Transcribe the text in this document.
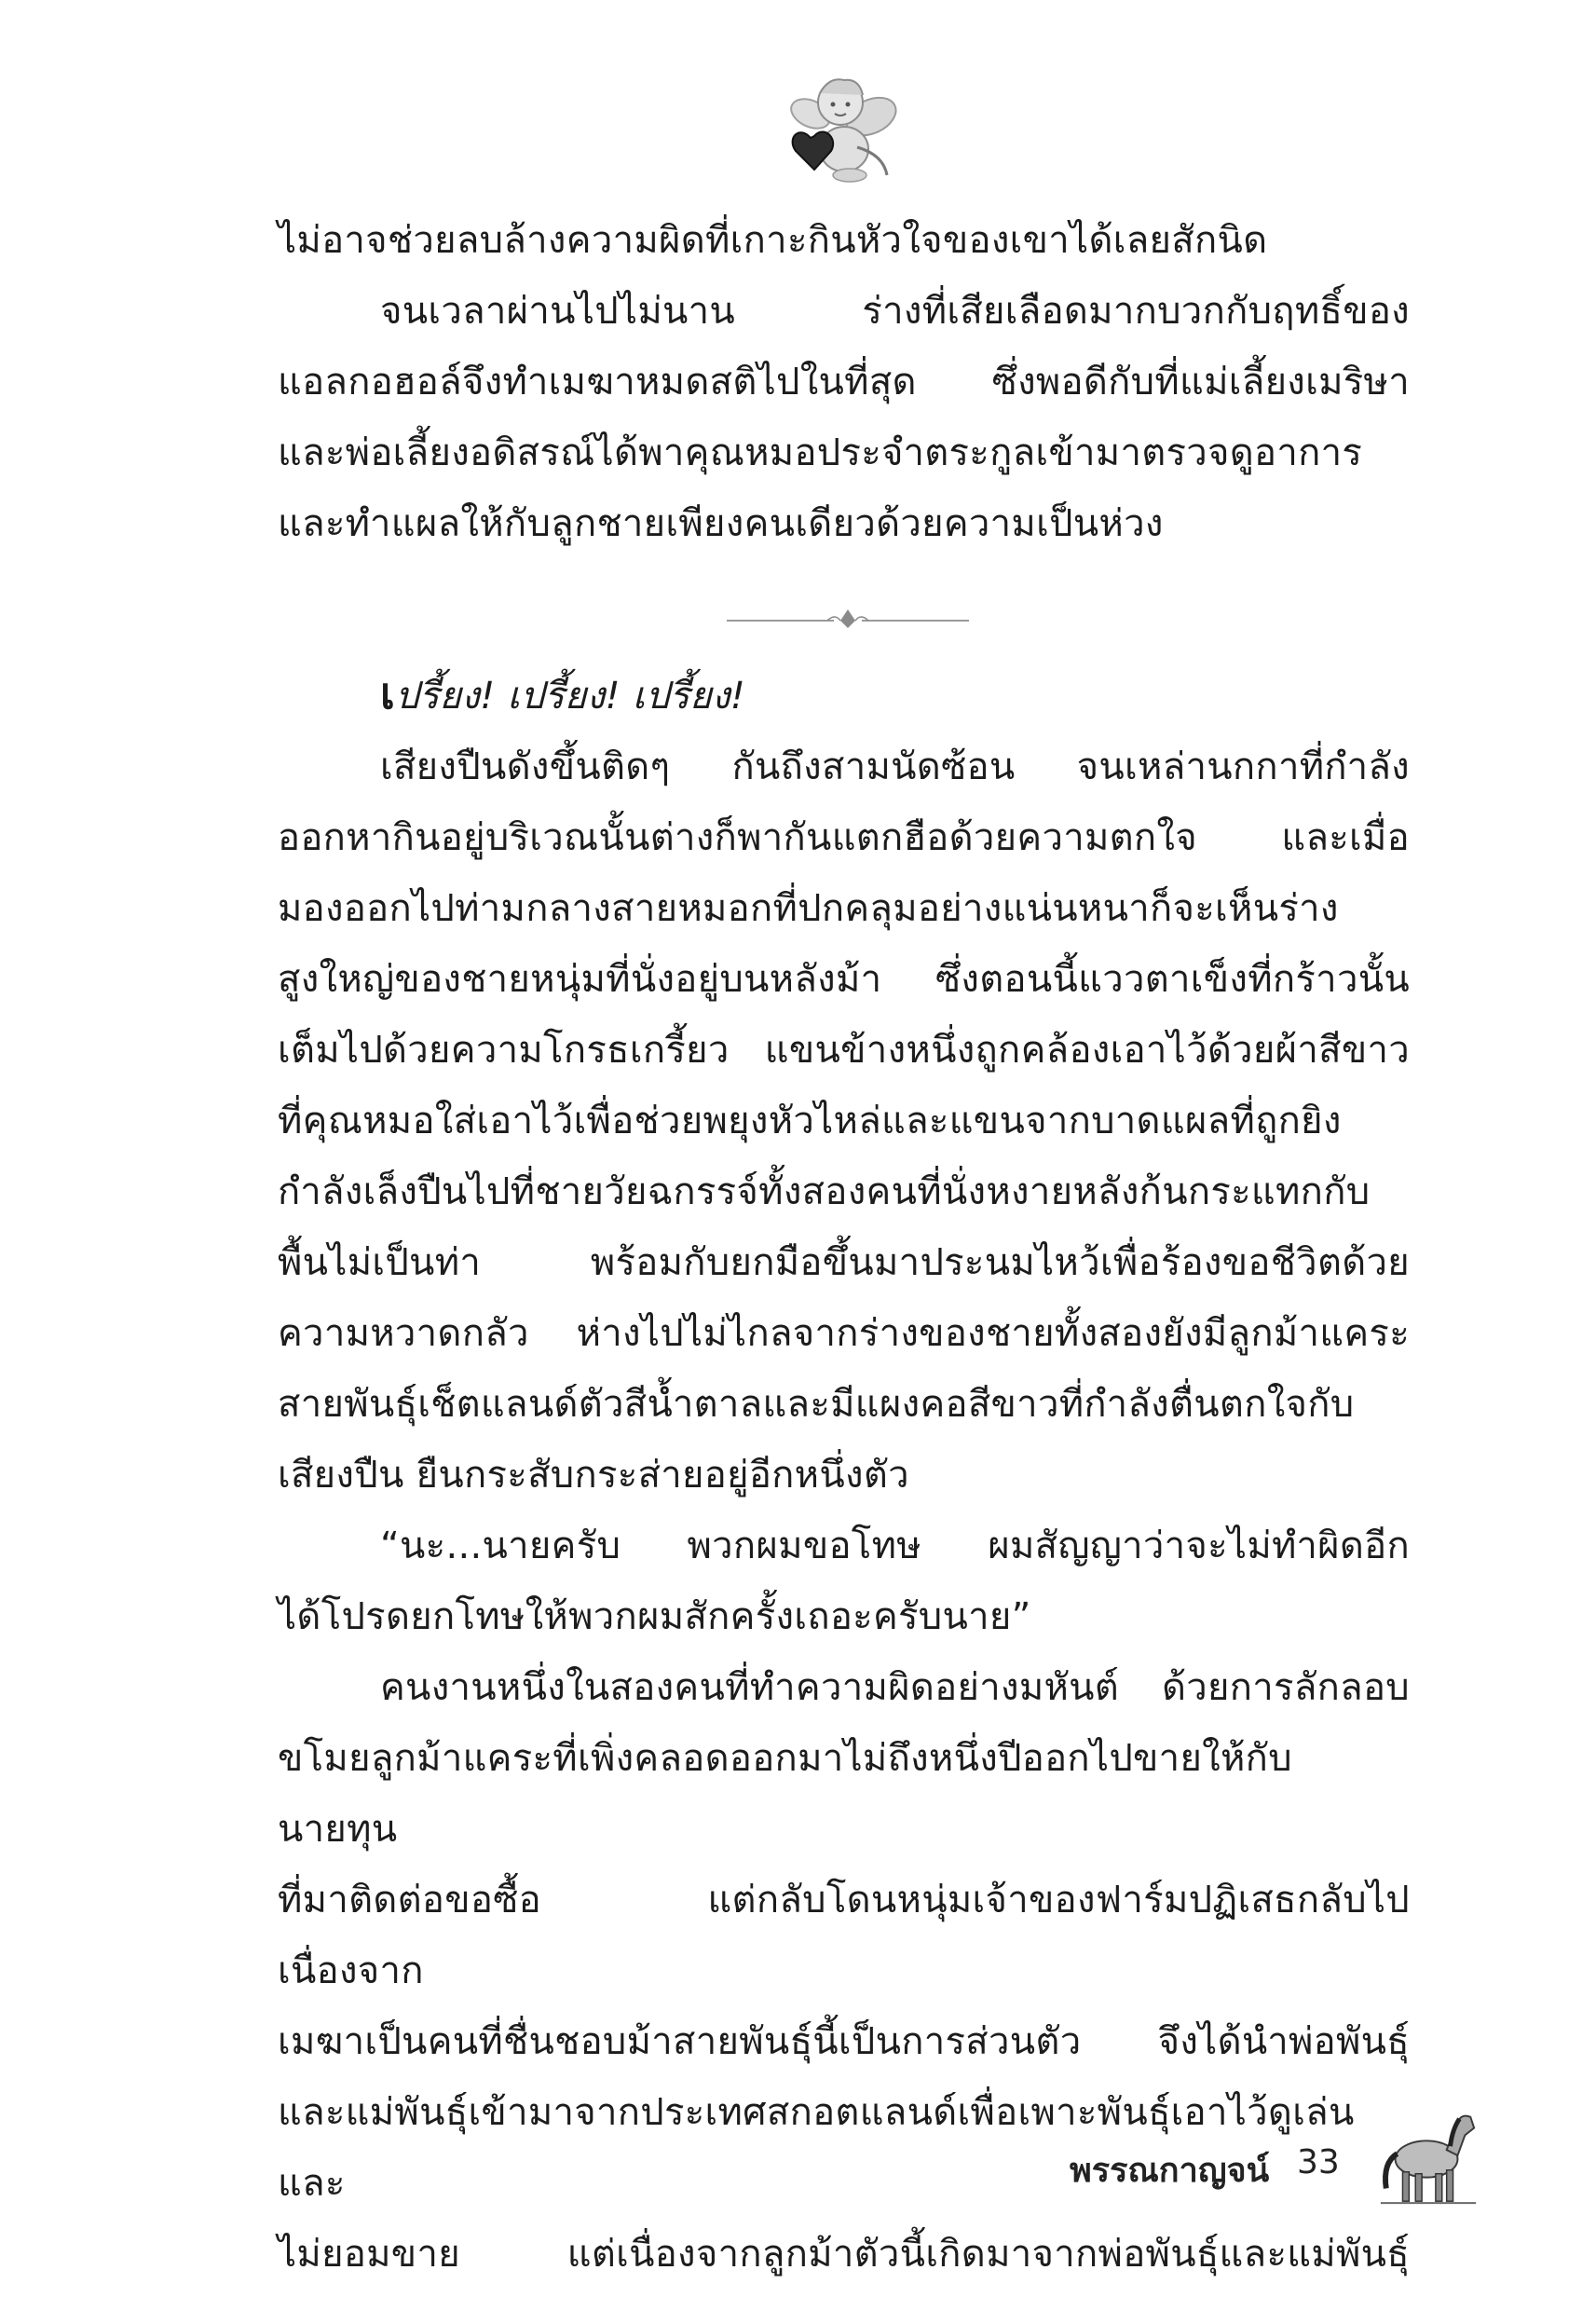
ไม่อาจช่วยลบล้างความผิดที่เกาะกินหัวใจของเขาได้เลยสักนิด

จนเวลาผ่านไปไม่นาน ร่างที่เสียเลือดมากบวกกับฤทธิ์ของ

แอลกอฮอล์จึงทำเมฆาหมดสติไปในที่สุด ซึ่งพอดีกับที่แม่เลี้ยงเมริษา

และพ่อเลี้ยงอดิสรณ์ได้พาคุณหมอประจำตระกูลเข้ามาตรวจดูอาการ

และทำแผลให้กับลูกชายเพียงคนเดียวด้วยความเป็นห่วง

เปรี้ยง! เปรี้ยง! เปรี้ยง!

เสียงปืนดังขึ้นติดๆ กันถึงสามนัดซ้อน จนเหล่านกกาที่กำลัง

ออกหากินอยู่บริเวณนั้นต่างก็พากันแตกฮือด้วยความตกใจ และเมื่อ

มองออกไปท่ามกลางสายหมอกที่ปกคลุมอย่างแน่นหนาก็จะเห็นร่าง

สูงใหญ่ของชายหนุ่มที่นั่งอยู่บนหลังม้า ซึ่งตอนนี้แววตาเข็งที่กร้าวนั้น

เต็มไปด้วยความโกรธเกรี้ยว แขนข้างหนึ่งถูกคล้องเอาไว้ด้วยผ้าสีขาว

ที่คุณหมอใส่เอาไว้เพื่อช่วยพยุงหัวไหล่และแขนจากบาดแผลที่ถูกยิง

กำลังเล็งปืนไปที่ชายวัยฉกรรจ์ทั้งสองคนที่นั่งหงายหลังก้นกระแทกกับ

พื้นไม่เป็นท่า พร้อมกับยกมือขึ้นมาประนมไหว้เพื่อร้องขอชีวิตด้วย

ความหวาดกลัว ห่างไปไม่ไกลจากร่างของชายทั้งสองยังมีลูกม้าแคระ

สายพันธุ์เช็ตแลนด์ตัวสีน้ำตาลและมีแผงคอสีขาวที่กำลังตื่นตกใจกับ

เสียงปืน ยืนกระสับกระส่ายอยู่อีกหนึ่งตัว

“นะ...นายครับ พวกผมขอโทษ ผมสัญญาว่าจะไม่ทำผิดอีก

ได้โปรดยกโทษให้พวกผมสักครั้งเถอะครับนาย”

คนงานหนึ่งในสองคนที่ทำความผิดอย่างมหันต์ ด้วยการลักลอบ

ขโมยลูกม้าแคระที่เพิ่งคลอดออกมาไม่ถึงหนึ่งปีออกไปขายให้กับนายทุน

ที่มาติดต่อขอซื้อ แต่กลับโดนหนุ่มเจ้าของฟาร์มปฏิเสธกลับไป เนื่องจาก

เมฆาเป็นคนที่ชื่นชอบม้าสายพันธุ์นี้เป็นการส่วนตัว จึงได้นำพ่อพันธุ์

และแม่พันธุ์เข้ามาจากประเทศสกอตแลนด์เพื่อเพาะพันธุ์เอาไว้ดูเล่นและ

ไม่ยอมขาย แต่เนื่องจากลูกม้าตัวนี้เกิดมาจากพ่อพันธุ์และแม่พันธุ์

พรรณกาญจน์ 33
